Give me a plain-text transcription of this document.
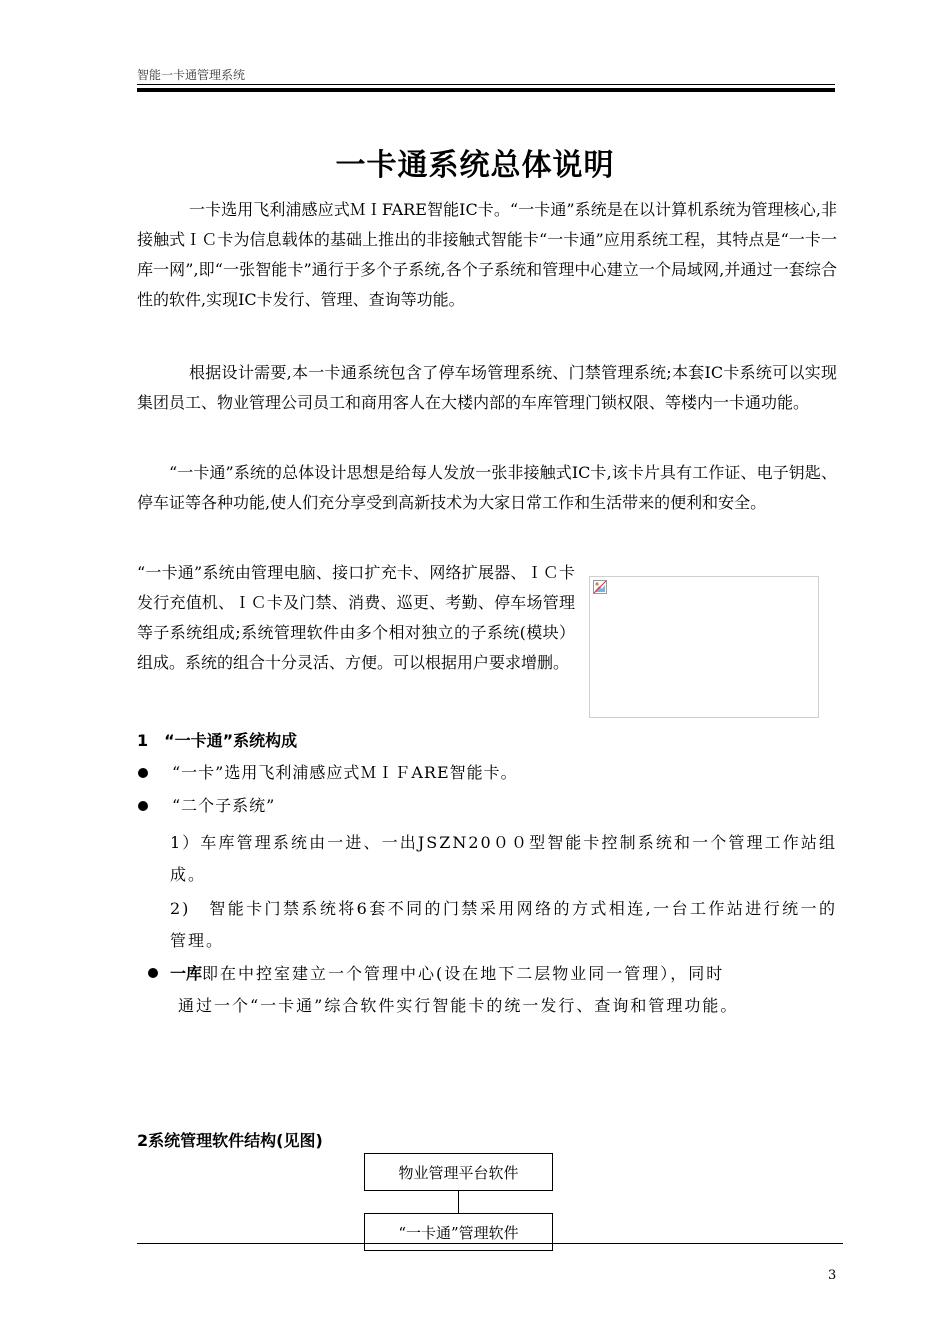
智能一卡通管理系统
一卡通系统总体说明

一卡选用飞利浦感应式ＭＩFARE智能IC卡。“一卡通”系统是在以计算机系统为管理核心,非接触式ＩＣ卡为信息载体的基础上推出的非接触式智能卡“一卡通”应用系统工程，其特点是“一卡一库一网”,即“一张智能卡”通行于多个子系统,各个子系统和管理中心建立一个局域网,并通过一套综合性的软件,实现IC卡发行、管理、查询等功能。

根据设计需要,本一卡通系统包含了停车场管理系统、门禁管理系统;本套IC卡系统可以实现集团员工、物业管理公司员工和商用客人在大楼内部的车库管理门锁权限、等楼内一卡通功能。

“一卡通”系统的总体设计思想是给每人发放一张非接触式IC卡,该卡片具有工作证、电子钥匙、停车证等各种功能,使人们充分享受到高新技术为大家日常工作和生活带来的便利和安全。

“一卡通”系统由管理电脑、接口扩充卡、网络扩展器、ＩＣ卡发行充值机、ＩＣ卡及门禁、消费、巡更、考勤、停车场管理等子系统组成;系统管理软件由多个相对独立的子系统(模块）组成。系统的组合十分灵活、方便。可以根据用户要求增删。

1　“一卡通”系统构成
“一卡”选用飞利浦感应式ＭＩＦARE智能卡。
“二个子系统”

1）车库管理系统由一进、一出JSZN20００型智能卡控制系统和一个管理工作站组成。

2)　智能卡门禁系统将6套不同的门禁采用网络的方式相连,一台工作站进行统一的管理。

一库即在中控室建立一个管理中心(设在地下二层物业同一管理），同时
通过一个“一卡通”综合软件实行智能卡的统一发行、查询和管理功能。

2系统管理软件结构(见图)
物业管理平台软件
“一卡通”管理软件
3
